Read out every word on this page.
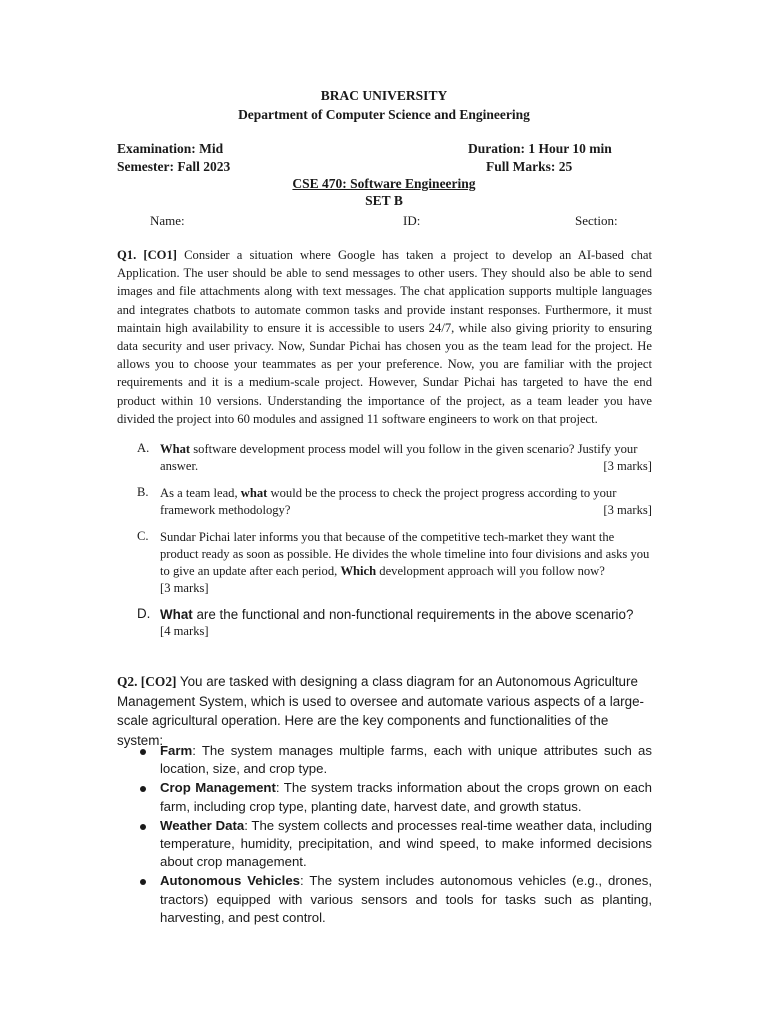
BRAC UNIVERSITY
Department of Computer Science and Engineering
Examination: Mid	Duration: 1 Hour 10 min
Semester: Fall 2023	Full Marks: 25
CSE 470: Software Engineering
SET B
Name:	ID:	Section:
Q1. [CO1] Consider a situation where Google has taken a project to develop an AI-based chat Application. The user should be able to send messages to other users. They should also be able to send images and file attachments along with text messages. The chat application supports multiple languages and integrates chatbots to automate common tasks and provide instant responses. Furthermore, it must maintain high availability to ensure it is accessible to users 24/7, while also giving priority to ensuring data security and user privacy. Now, Sundar Pichai has chosen you as the team lead for the project. He allows you to choose your teammates as per your preference. Now, you are familiar with the project requirements and it is a medium-scale project. However, Sundar Pichai has targeted to have the end product within 10 versions. Understanding the importance of the project, as a team leader you have divided the project into 60 modules and assigned 11 software engineers to work on that project.
A. What software development process model will you follow in the given scenario? Justify your answer.	[3 marks]
B. As a team lead, what would be the process to check the project progress according to your framework methodology?	[3 marks]
C. Sundar Pichai later informs you that because of the competitive tech-market they want the product ready as soon as possible. He divides the whole timeline into four divisions and asks you to give an update after each period, Which development approach will you follow now?
[3 marks]
D. What are the functional and non-functional requirements in the above scenario?
[4 marks]
Q2. [CO2] You are tasked with designing a class diagram for an Autonomous Agriculture Management System, which is used to oversee and automate various aspects of a large-scale agricultural operation. Here are the key components and functionalities of the system:
Farm: The system manages multiple farms, each with unique attributes such as location, size, and crop type.
Crop Management: The system tracks information about the crops grown on each farm, including crop type, planting date, harvest date, and growth status.
Weather Data: The system collects and processes real-time weather data, including temperature, humidity, precipitation, and wind speed, to make informed decisions about crop management.
Autonomous Vehicles: The system includes autonomous vehicles (e.g., drones, tractors) equipped with various sensors and tools for tasks such as planting, harvesting, and pest control.
